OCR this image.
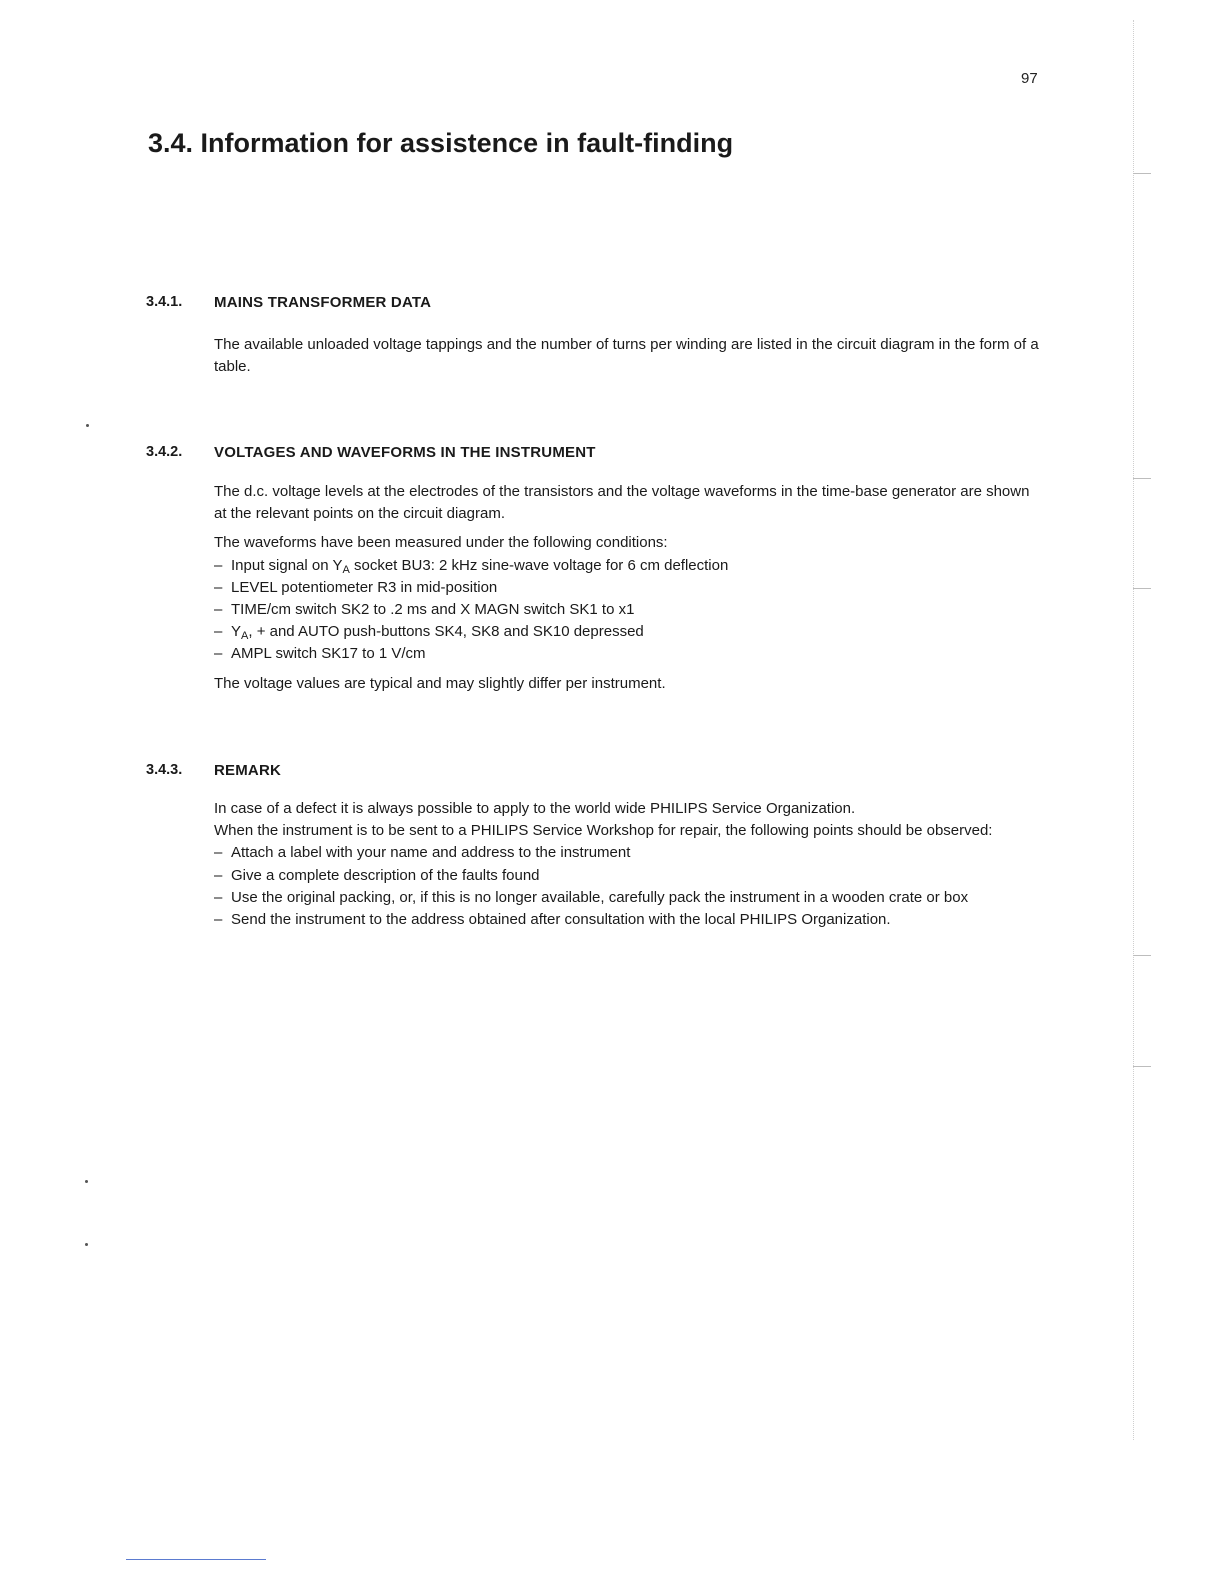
97
3.4. Information for assistence in fault-finding
3.4.1. MAINS TRANSFORMER DATA

The available unloaded voltage tappings and the number of turns per winding are listed in the circuit diagram in the form of a table.

3.4.2. VOLTAGES AND WAVEFORMS IN THE INSTRUMENT

The d.c. voltage levels at the electrodes of the transistors and the voltage waveforms in the time-base generator are shown at the relevant points on the circuit diagram.

The waveforms have been measured under the following conditions:
– Input signal on $Y_A$ socket BU3: 2 kHz sine-wave voltage for 6 cm deflection
– LEVEL potentiometer R3 in mid-position
– TIME/cm switch SK2 to .2 ms and X MAGN switch SK1 to x1
– $Y_A$, + and AUTO push-buttons SK4, SK8 and SK10 depressed
– AMPL switch SK17 to 1 V/cm

The voltage values are typical and may slightly differ per instrument.

3.4.3. REMARK
In case of a defect it is always possible to apply to the world wide PHILIPS Service Organization.
When the instrument is to be sent to a PHILIPS Service Workshop for repair, the following points should be observed:
– Attach a label with your name and address to the instrument
– Give a complete description of the faults found
– Use the original packing, or, if this is no longer available, carefully pack the instrument in a wooden crate or box
– Send the instrument to the address obtained after consultation with the local PHILIPS Organization.
